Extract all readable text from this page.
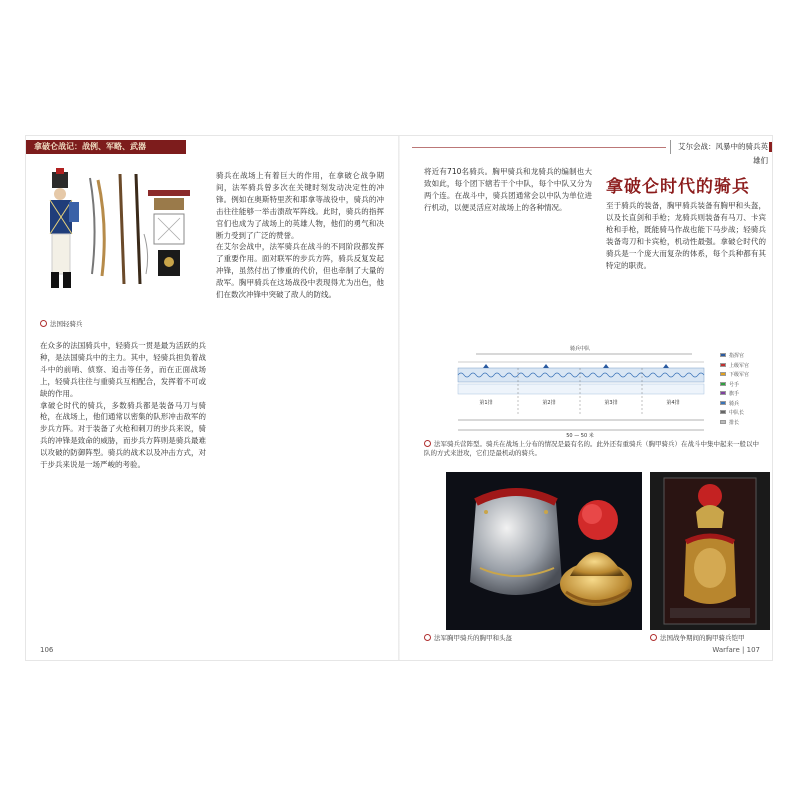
拿破仑战记：战例、军略、武器	艾尔会战：风暴中的骑兵英雄们
法国轻骑兵
在众多的法国骑兵中，轻骑兵一贯是最为活跃的兵种，是法国骑兵中的主力。其中，轻骑兵担负着战斗中的前哨、侦察、追击等任务，而在正面战场上，轻骑兵往往与重骑兵互相配合，发挥着不可或缺的作用。
拿破仑时代的骑兵，多数骑兵都是装备马刀与骑枪，在战场上，他们通常以密集的队形冲击敌军的步兵方阵。对于装备了火枪和刺刀的步兵来说，骑兵的冲锋是致命的威胁，而步兵方阵则是骑兵最难以攻破的防御阵型。骑兵的战术以及冲击方式，对于步兵来说是一场严峻的考验。
骑兵在战场上有着巨大的作用，在拿破仑战争期间，法军骑兵曾多次在关键时刻发动决定性的冲锋。例如在奥斯特里茨和耶拿等战役中，骑兵的冲击往往能够一举击溃敌军阵线。此时，骑兵的指挥官们也成为了战场上的英雄人物，他们的勇气和决断力受到了广泛的赞誉。
在艾尔会战中，法军骑兵在战斗的不同阶段都发挥了重要作用。面对联军的步兵方阵，骑兵反复发起冲锋，虽然付出了惨重的代价，但也牵制了大量的敌军。胸甲骑兵在这场战役中表现得尤为出色，他们在数次冲锋中突破了敌人的防线。
将近有710名骑兵。胸甲骑兵和龙骑兵的编制也大致如此，每个团下辖若干个中队，每个中队又分为两个连。在战斗中，骑兵团通常会以中队为单位进行机动，以便灵活应对战场上的各种情况。
拿破仑时代的骑兵
至于骑兵的装备，胸甲骑兵装备有胸甲和头盔，以及长直剑和手枪；龙骑兵则装备有马刀、卡宾枪和手枪，既能骑马作战也能下马步战；轻骑兵装备弯刀和卡宾枪，机动性最强。拿破仑时代的骑兵是一个庞大而复杂的体系，每个兵种都有其特定的职责。
骑兵中队
第1排	第2排	第3排	第4排
50 — 50 米
指挥官
上级军官
下级军官
号手
旗手
骑兵
中队长
排长
法军骑兵营阵型。骑兵在战场上分布的情况是最有名的。此外还有重骑兵（胸甲骑兵）在战斗中集中起来一般以中队的方式来进攻，它们是最机动的骑兵。
法军胸甲骑兵的胸甲和头盔	法国战争期间的胸甲骑兵铠甲
106	Warfare | 107
